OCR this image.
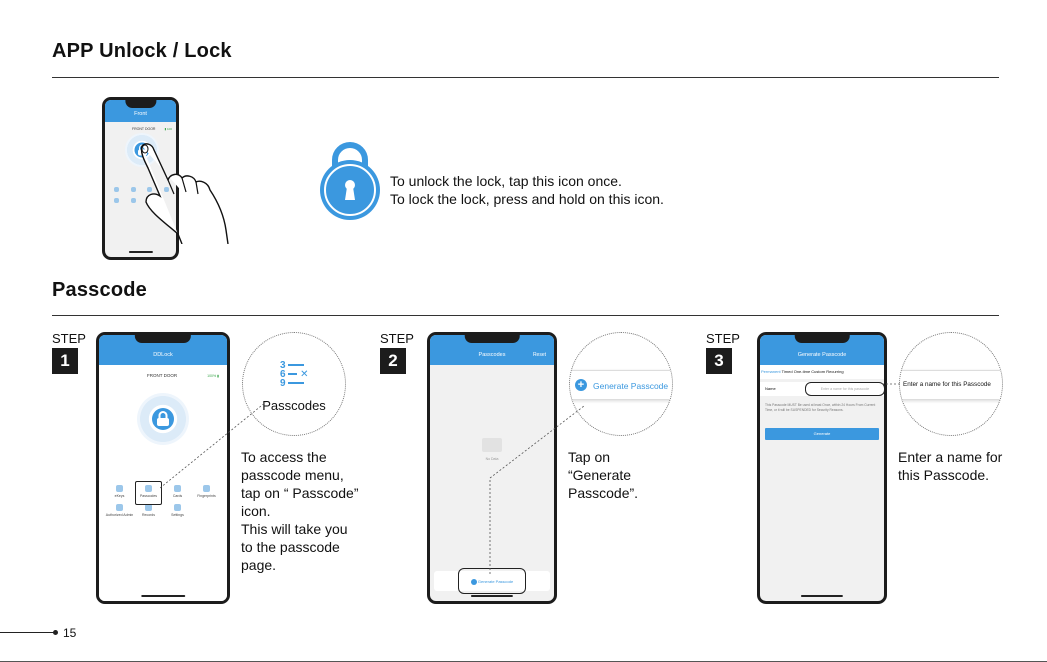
APP Unlock / Lock
Front
FRONT DOOR	▮ 100

To unlock the lock, tap this icon once.

To lock the lock, press and hold on this icon.

Passcode
STEP
1	DDLock
FRONT DOOR	100% ▮
eKeys	Passcodes	Cards	Fingerprints
Authorized Admin	Records	Settings
3
6  ✕
9
Passcodes

To access the

passcode menu,

tap on “ Passcode”

icon.

This will take you

to the passcode

page.

STEP
2	Passcodes	Reset
No Data
Generate Passcode
+	Generate Passcode

Tap on

“Generate

Passcode”.

STEP
3	Generate Passcode
Permanent Timed One-time Custom Recurring
Name	Enter a name for this passcode
This Passcode MUST Be used at least Once, within 24 Hours From Current Time, or it will be SUSPENDED for Security Reasons.
Generate
Enter a name for this Passcode

Enter a name for

this Passcode.

15
